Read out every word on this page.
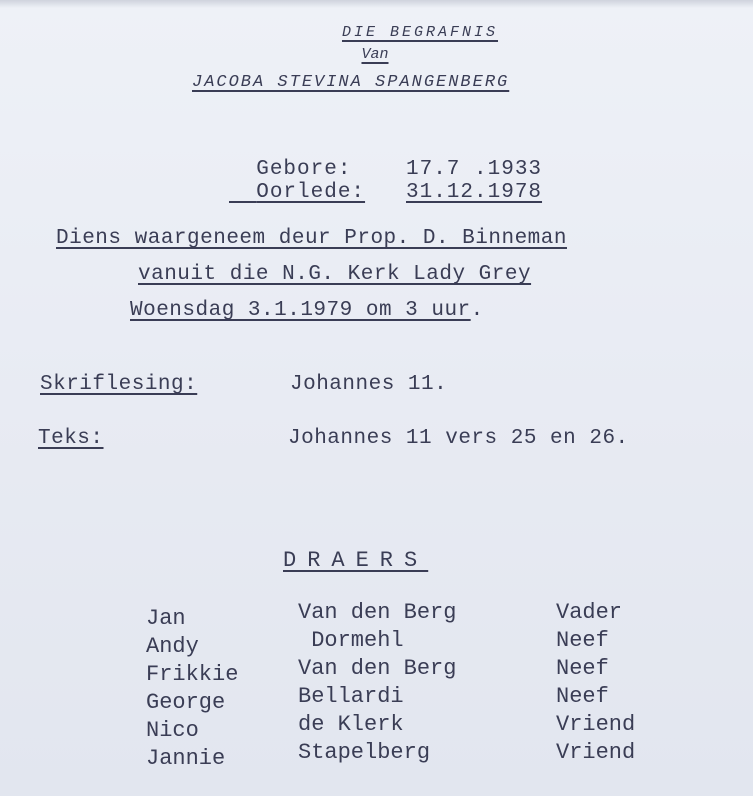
DIE BEGRAFNIS
Van
JACOBA STEVINA SPANGENBERG

Gebore:	17.7 .1933

Oorlede: 31.12.1978

Diens waargeneem deur Prop. D. Binneman
vanuit die N.G. Kerk Lady Grey
Woensdag 3.1.1979 om 3 uur.
Skriflesing:	Johannes 11.
Teks:	Johannes 11 vers 25 en 26.
DRAERS
Jan	Van den Berg	Vader
Andy	Dormehl	Neef
Frikkie	Van den Berg	Neef
George	Bellardi	Neef
Nico	de Klerk	Vriend
Jannie	Stapelberg	Vriend
